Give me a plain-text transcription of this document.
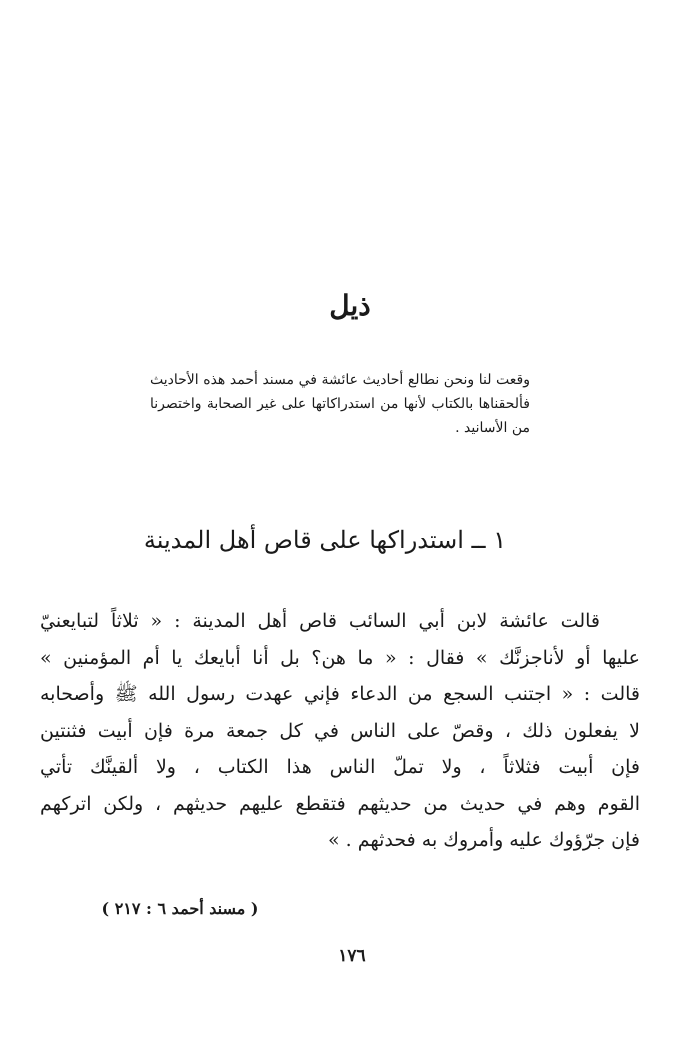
ذيل

وقعت لنا ونحن نطالع أحاديث عائشة في مسند أحمد هذه الأحاديث فألحقناها بالكتاب لأنها من استدراكاتها على غير الصحابة واختصرنا من الأسانيد .

١ ــ استدراكها على قاص أهل المدينة
قالت عائشة لابن أبي السائب قاص أهل المدينة : « ثلاثاً لتبايعنيّ
عليها أو لأناجزنَّك » فقال : « ما هن؟ بل أنا أبايعك يا أم المؤمنين »
قالت : « اجتنب السجع من الدعاء فإني عهدت رسول الله ﷺ وأصحابه
لا يفعلون ذلك ، وقصّ على الناس في كل جمعة مرة فإن أبيت فثنتين
فإن أبيت فثلاثاً ، ولا تملّ الناس هذا الكتاب ، ولا ألقينَّك تأتي
القوم وهم في حديث من حديثهم فتقطع عليهم حديثهم ، ولكن اتركهم
فإن جرّؤوك عليه وأمروك به فحدثهم . »
( مسند أحمد ٦ : ٢١٧ )
١٧٦
